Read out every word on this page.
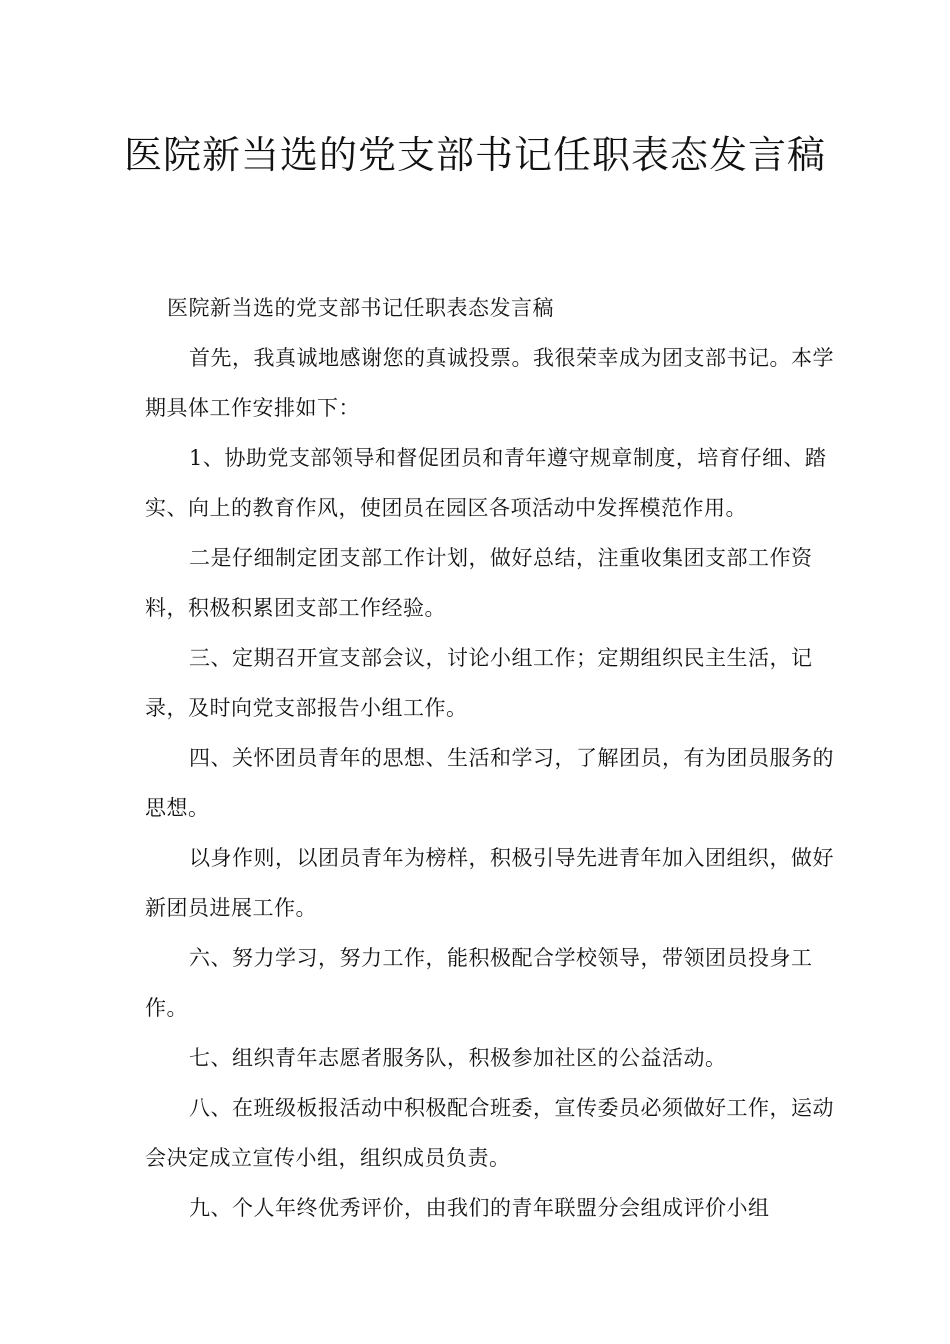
医院新当选的党支部书记任职表态发言稿

医院新当选的党支部书记任职表态发言稿

首先，我真诚地感谢您的真诚投票。我很荣幸成为团支部书记。本学期具体工作安排如下：

1、协助党支部领导和督促团员和青年遵守规章制度，培育仔细、踏实、向上的教育作风，使团员在园区各项活动中发挥模范作用。

二是仔细制定团支部工作计划，做好总结，注重收集团支部工作资料，积极积累团支部工作经验。

三、定期召开宣支部会议，讨论小组工作；定期组织民主生活，记录，及时向党支部报告小组工作。

四、关怀团员青年的思想、生活和学习，了解团员，有为团员服务的思想。

以身作则，以团员青年为榜样，积极引导先进青年加入团组织，做好新团员进展工作。

六、努力学习，努力工作，能积极配合学校领导，带领团员投身工作。

七、组织青年志愿者服务队，积极参加社区的公益活动。

八、在班级板报活动中积极配合班委，宣传委员必须做好工作，运动会决定成立宣传小组，组织成员负责。

九、个人年终优秀评价，由我们的青年联盟分会组成评价小组
